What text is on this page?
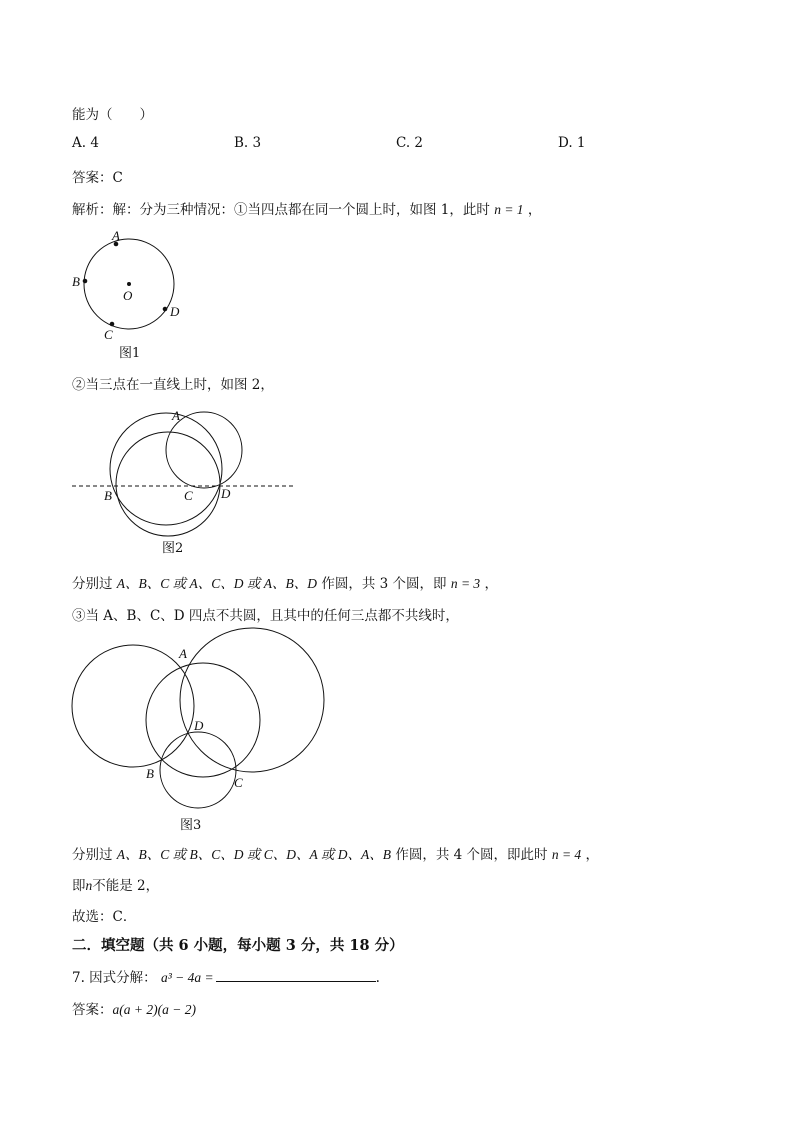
能为（　　）
A. 4	B. 3	C. 2	D. 1
答案：C
解析：解：分为三种情况：①当四点都在同一个圆上时，如图 1，此时 n = 1 ，
A
B
O
C
D
图1
②当三点在一直线上时，如图 2，
A
B	C D
图2
分别过 A、B、C 或 A、C、D 或 A、B、D 作圆，共 3 个圆，即 n = 3 ，
③当 A、B、C、D 四点不共圆，且其中的任何三点都不共线时，
A
D
B
C
图3
分别过 A、B、C 或 B、C、D 或 C、D、A 或 D、A、B 作圆，共 4 个圆，即此时 n = 4 ，
即n不能是 2，
故选：C．
二．填空题（共 6 小题，每小题 3 分，共 18 分）
7. 因式分解： a³ − 4a =	.
答案：a(a + 2)(a − 2)
